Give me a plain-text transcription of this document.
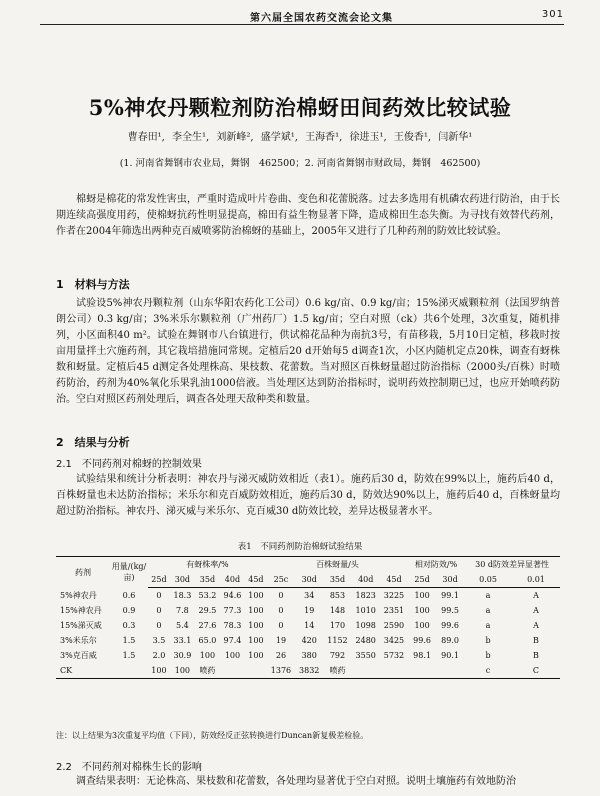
第六届全国农药交流会论文集	301
5%神农丹颗粒剂防治棉蚜田间药效比较试验
曹春田¹, 李全生¹, 刘新峰², 盛学斌¹, 王海香¹, 徐进玉¹, 王俊香¹, 闫新华¹
(1. 河南省舞钢市农业局，舞钢　462500；2. 河南省舞钢市财政局，舞钢　462500)

棉蚜是棉花的常发性害虫，严重时造成叶片卷曲、变色和花蕾脱落。过去多选用有机磷农药进行防治，由于长期连续高强度用药，使棉蚜抗药性明显提高，棉田有益生物显著下降，造成棉田生态失衡。为寻找有效替代药剂，作者在2004年筛选出两种克百威喷雾防治棉蚜的基础上，2005年又进行了几种药剂的防效比较试验。

1　材料与方法

试验设5%神农丹颗粒剂（山东华阳农药化工公司）0.6 kg/亩、0.9 kg/亩；15%涕灭威颗粒剂（法国罗纳普朗公司）0.3 kg/亩；3%米乐尔颗粒剂（广州药厂）1.5 kg/亩；空白对照（ck）共6个处理，3次重复，随机排列，小区面积40 m²。试验在舞钢市八台镇进行，供试棉花品种为南抗3号，有苗移栽，5月10日定植，移栽时按亩用量拌土穴施药剂，其它栽培措施同常规。定植后20 d开始每5 d调查1次，小区内随机定点20株，调查有蚜株数和蚜量。定植后45 d测定各处理株高、果枝数、花蕾数。当对照区百株蚜量超过防治指标（2000头/百株）时喷药防治，药剂为40%氧化乐果乳油1000倍液。当处理区达到防治指标时，说明药效控制期已过，也应开始喷药防治。空白对照区药剂处理后，调查各处理天敌种类和数量。

2　结果与分析
2.1　不同药剂对棉蚜的控制效果

试验结果和统计分析表明：神农丹与涕灭威防效相近（表1）。施药后30 d，防效在99%以上，施药后40 d，百株蚜量也未达防治指标；米乐尔和克百威防效相近，施药后30 d，防效达90%以上，施药后40 d，百株蚜量均超过防治指标。神农丹、涕灭威与米乐尔、克百威30 d防效比较，差异达极显著水平。

表1　不同药剂防治棉蚜试验结果
药剂	用量/(kg/亩)	有蚜株率/%					百株蚜量/头					相对防效/%		30 d防效差异显著性	
		25d	30d	35d	40d	45d	25c	30d	35d	40d	45d	25d	30d	0.05	0.01
5%神农丹	0.6	0	18.3	53.2	94.6	100	0	34	853	1823	3225	100	99.1	a	A
15%神农丹	0.9	0	7.8	29.5	77.3	100	0	19	148	1010	2351	100	99.5	a	A
15%涕灭威	0.3	0	5.4	27.6	78.3	100	0	14	170	1098	2590	100	99.6	a	A
3%米乐尔	1.5	3.5	33.1	65.0	97.4	100	19	420	1152	2480	3425	99.6	89.0	b	B
3%克百威	1.5	2.0	30.9	100	100	100	26	380	792	3550	5732	98.1	90.1	b	B
CK		100	100	喷药			1376	3832	喷药					c	C
注：以上结果为3次重复平均值（下同），防效经反正弦转换进行Duncan新复极差检验。
2.2　不同药剂对棉株生长的影响

调查结果表明：无论株高、果枝数和花蕾数，各处理均显著优于空白对照。说明土壤施药有效地防治
